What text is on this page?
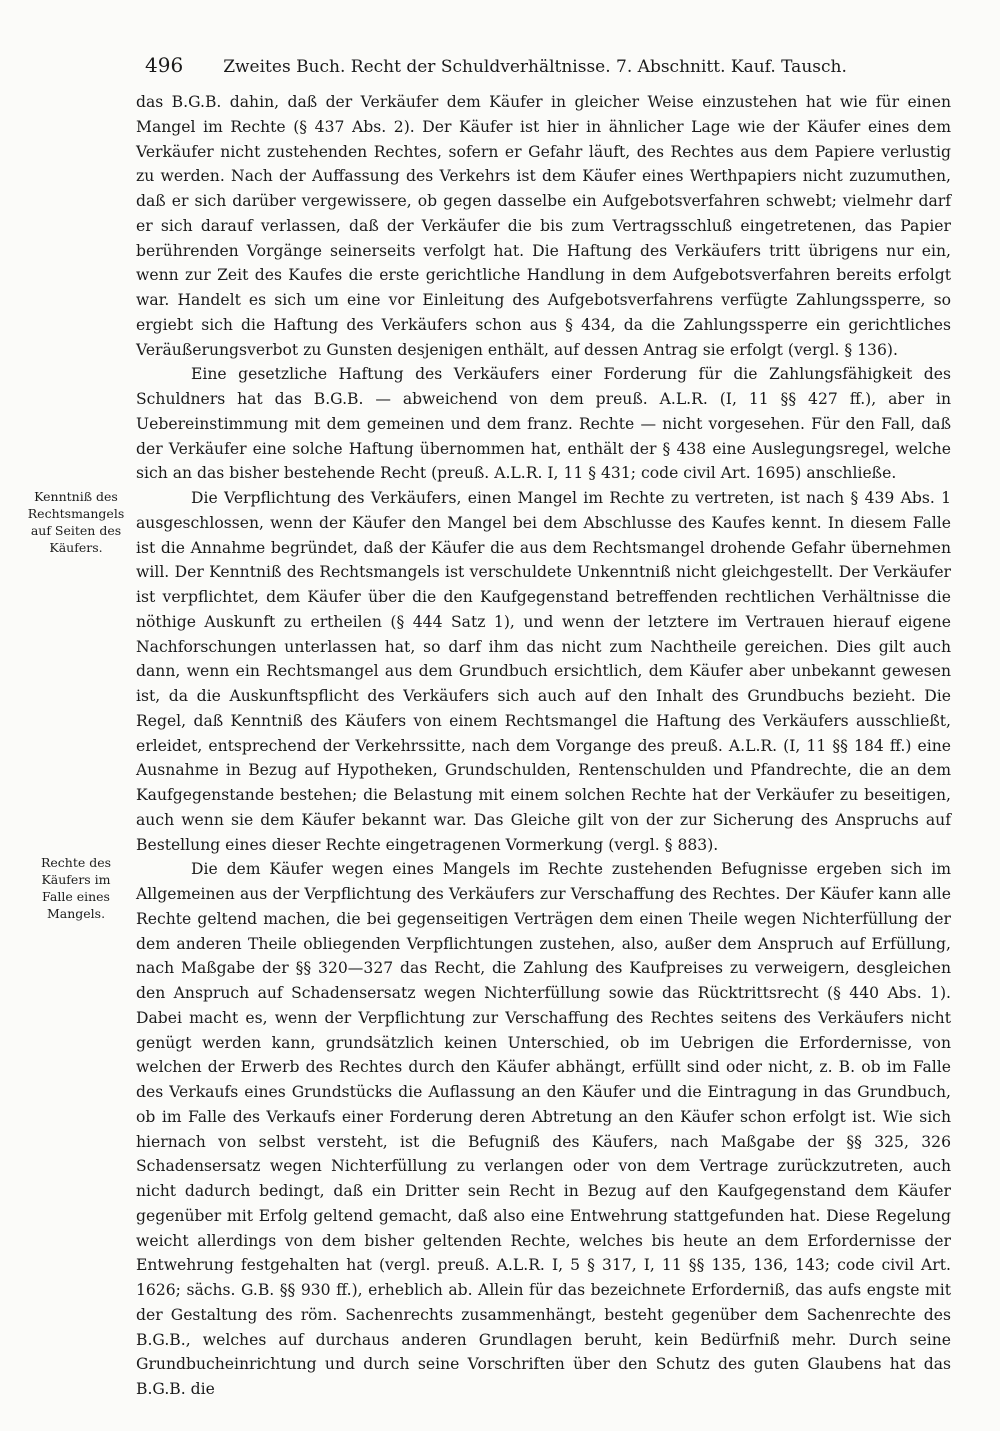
496 Zweites Buch. Recht der Schuldverhältnisse. 7. Abschnitt. Kauf. Tausch.

das B.G.B. dahin, daß der Verkäufer dem Käufer in gleicher Weise einzustehen hat wie für einen Mangel im Rechte (§ 437 Abs. 2). Der Käufer ist hier in ähnlicher Lage wie der Käufer eines dem Verkäufer nicht zustehenden Rechtes, sofern er Gefahr läuft, des Rechtes aus dem Papiere verlustig zu werden. Nach der Auffassung des Verkehrs ist dem Käufer eines Werthpapiers nicht zuzumuthen, daß er sich darüber vergewissere, ob gegen dasselbe ein Aufgebotsverfahren schwebt; vielmehr darf er sich darauf verlassen, daß der Verkäufer die bis zum Vertragsschluß eingetretenen, das Papier berührenden Vorgänge seinerseits verfolgt hat. Die Haftung des Verkäufers tritt übrigens nur ein, wenn zur Zeit des Kaufes die erste gerichtliche Handlung in dem Aufgebotsverfahren bereits erfolgt war. Handelt es sich um eine vor Einleitung des Aufgebotsverfahrens verfügte Zahlungssperre, so ergiebt sich die Haftung des Verkäufers schon aus § 434, da die Zahlungssperre ein gerichtliches Veräußerungsverbot zu Gunsten desjenigen enthält, auf dessen Antrag sie erfolgt (vergl. § 136).

Eine gesetzliche Haftung des Verkäufers einer Forderung für die Zahlungsfähigkeit des Schuldners hat das B.G.B. — abweichend von dem preuß. A.L.R. (I, 11 §§ 427 ff.), aber in Uebereinstimmung mit dem gemeinen und dem franz. Rechte — nicht vorgesehen. Für den Fall, daß der Verkäufer eine solche Haftung übernommen hat, enthält der § 438 eine Auslegungsregel, welche sich an das bisher bestehende Recht (preuß. A.L.R. I, 11 § 431; code civil Art. 1695) anschließe.

Die Verpflichtung des Verkäufers, einen Mangel im Rechte zu vertreten, ist nach § 439 Abs. 1 ausgeschlossen, wenn der Käufer den Mangel bei dem Abschlusse des Kaufes kennt. In diesem Falle ist die Annahme begründet, daß der Käufer die aus dem Rechtsmangel drohende Gefahr übernehmen will. Der Kenntniß des Rechtsmangels ist verschuldete Unkenntniß nicht gleichgestellt. Der Verkäufer ist verpflichtet, dem Käufer über die den Kaufgegenstand betreffenden rechtlichen Verhältnisse die nöthige Auskunft zu ertheilen (§ 444 Satz 1), und wenn der letztere im Vertrauen hierauf eigene Nachforschungen unterlassen hat, so darf ihm das nicht zum Nachtheile gereichen. Dies gilt auch dann, wenn ein Rechtsmangel aus dem Grundbuch ersichtlich, dem Käufer aber unbekannt gewesen ist, da die Auskunftspflicht des Verkäufers sich auch auf den Inhalt des Grundbuchs bezieht. Die Regel, daß Kenntniß des Käufers von einem Rechtsmangel die Haftung des Verkäufers ausschließt, erleidet, entsprechend der Verkehrssitte, nach dem Vorgange des preuß. A.L.R. (I, 11 §§ 184 ff.) eine Ausnahme in Bezug auf Hypotheken, Grundschulden, Rentenschulden und Pfandrechte, die an dem Kaufgegenstande bestehen; die Belastung mit einem solchen Rechte hat der Verkäufer zu beseitigen, auch wenn sie dem Käufer bekannt war. Das Gleiche gilt von der zur Sicherung des Anspruchs auf Bestellung eines dieser Rechte eingetragenen Vormerkung (vergl. § 883).

Die dem Käufer wegen eines Mangels im Rechte zustehenden Befugnisse ergeben sich im Allgemeinen aus der Verpflichtung des Verkäufers zur Verschaffung des Rechtes. Der Käufer kann alle Rechte geltend machen, die bei gegenseitigen Verträgen dem einen Theile wegen Nichterfüllung der dem anderen Theile obliegenden Verpflichtungen zustehen, also, außer dem Anspruch auf Erfüllung, nach Maßgabe der §§ 320—327 das Recht, die Zahlung des Kaufpreises zu verweigern, desgleichen den Anspruch auf Schadensersatz wegen Nichterfüllung sowie das Rücktrittsrecht (§ 440 Abs. 1). Dabei macht es, wenn der Verpflichtung zur Verschaffung des Rechtes seitens des Verkäufers nicht genügt werden kann, grundsätzlich keinen Unterschied, ob im Uebrigen die Erfordernisse, von welchen der Erwerb des Rechtes durch den Käufer abhängt, erfüllt sind oder nicht, z. B. ob im Falle des Verkaufs eines Grundstücks die Auflassung an den Käufer und die Eintragung in das Grundbuch, ob im Falle des Verkaufs einer Forderung deren Abtretung an den Käufer schon erfolgt ist. Wie sich hiernach von selbst versteht, ist die Befugniß des Käufers, nach Maßgabe der §§ 325, 326 Schadensersatz wegen Nichterfüllung zu verlangen oder von dem Vertrage zurückzutreten, auch nicht dadurch bedingt, daß ein Dritter sein Recht in Bezug auf den Kaufgegenstand dem Käufer gegenüber mit Erfolg geltend gemacht, daß also eine Entwehrung stattgefunden hat. Diese Regelung weicht allerdings von dem bisher geltenden Rechte, welches bis heute an dem Erfordernisse der Entwehrung festgehalten hat (vergl. preuß. A.L.R. I, 5 § 317, I, 11 §§ 135, 136, 143; code civil Art. 1626; sächs. G.B. §§ 930 ff.), erheblich ab. Allein für das bezeichnete Erforderniß, das aufs engste mit der Gestaltung des röm. Sachenrechts zusammenhängt, besteht gegenüber dem Sachenrechte des B.G.B., welches auf durchaus anderen Grundlagen beruht, kein Bedürfniß mehr. Durch seine Grundbucheinrichtung und durch seine Vorschriften über den Schutz des guten Glaubens hat das B.G.B. die

Kenntniß des Rechtsmangels auf Seiten des Käufers.
Rechte des Käufers im Falle eines Mangels.
